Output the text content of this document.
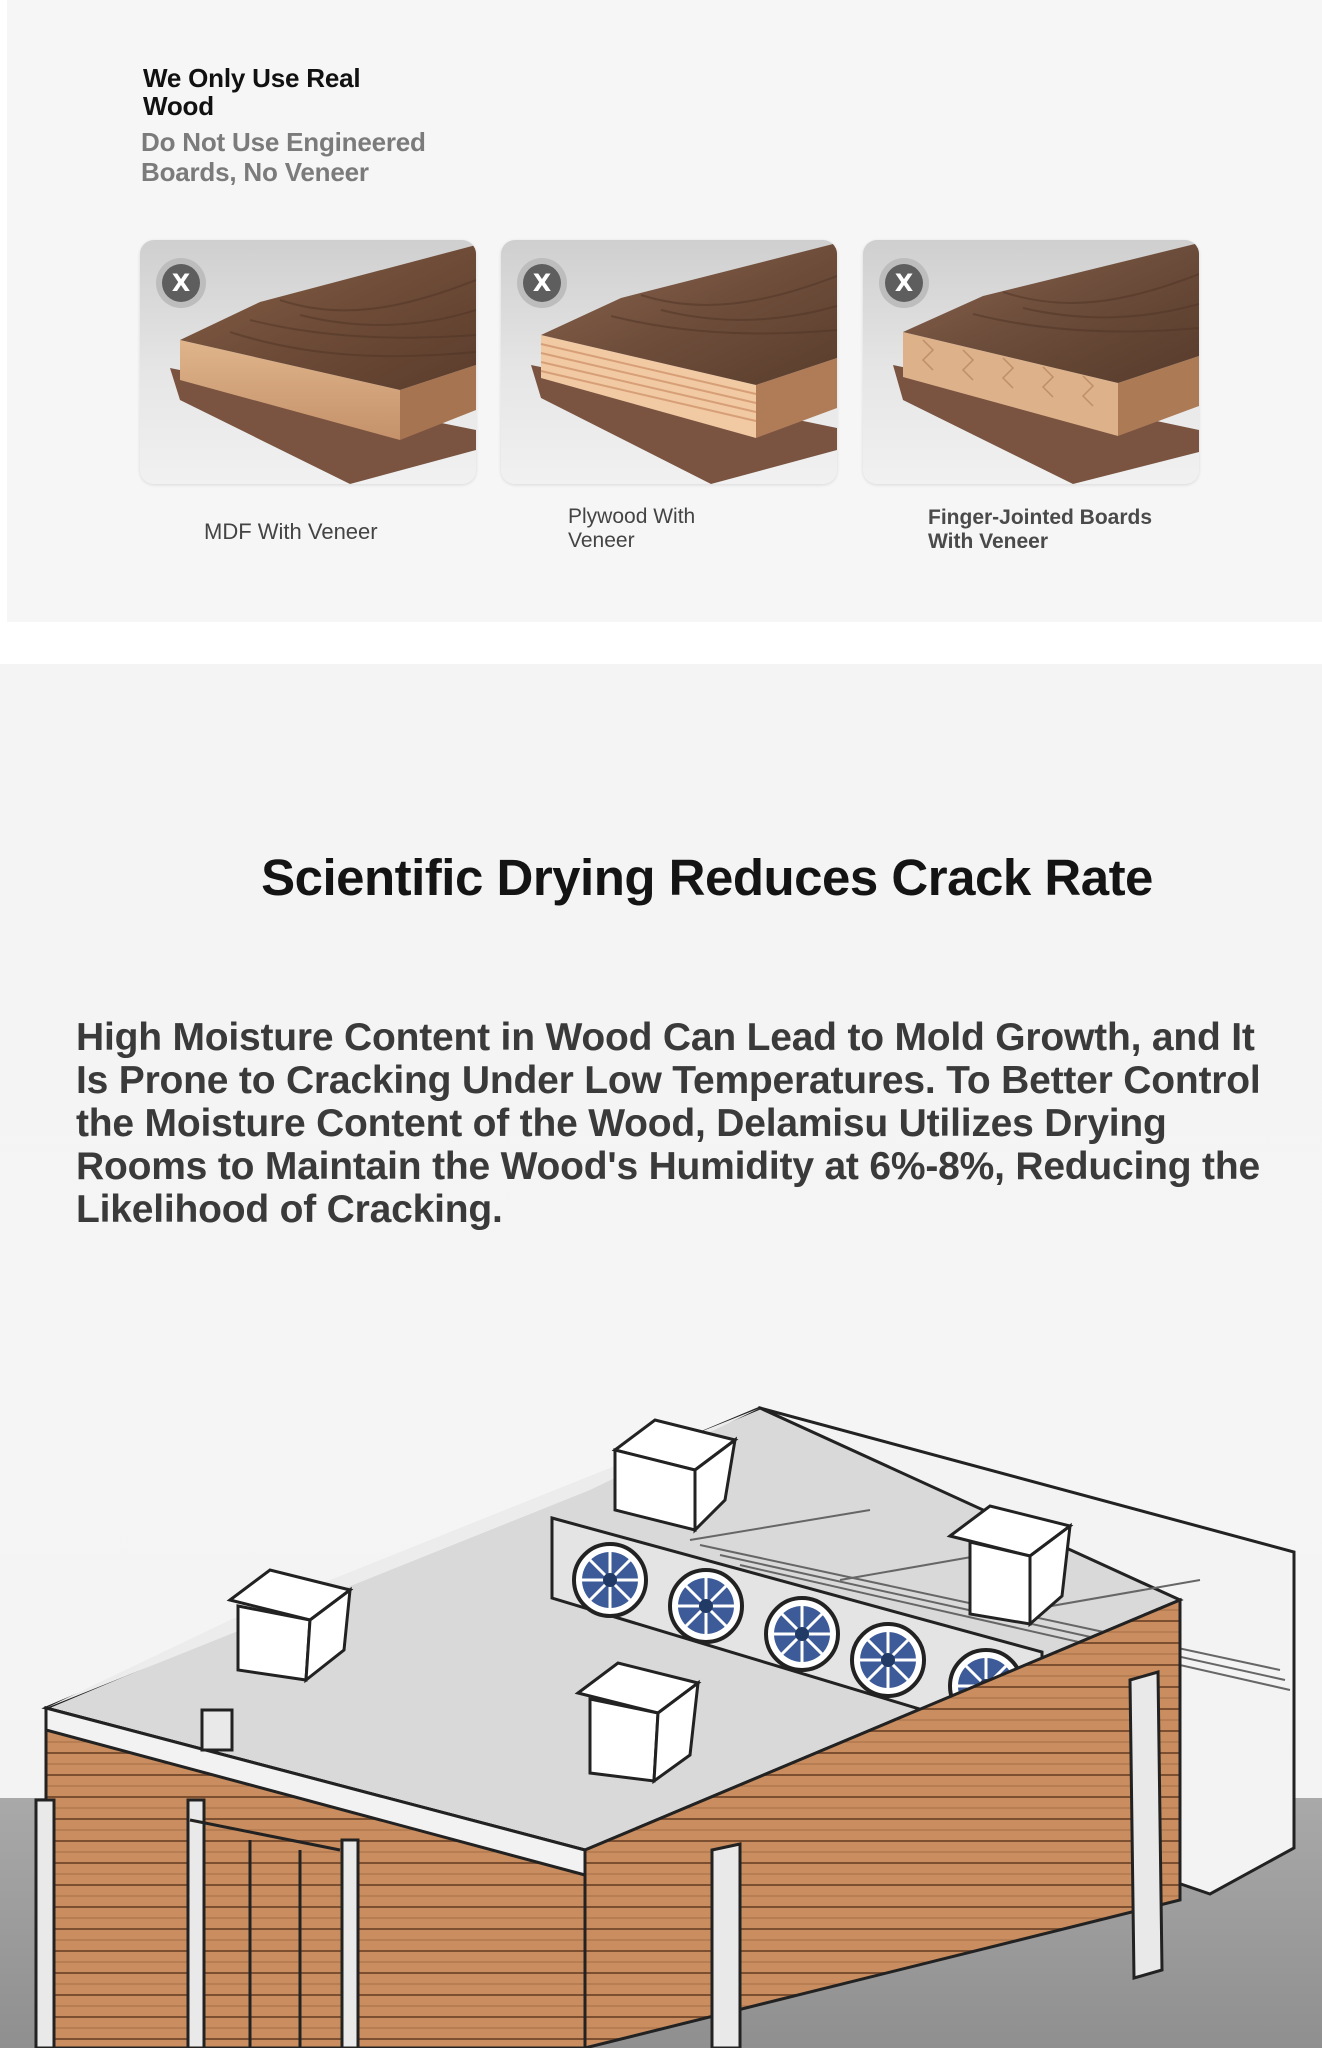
We Only Use Real Wood
Do Not Use Engineered Boards, No Veneer
X	X	X
MDF With Veneer
Plywood With Veneer
Finger-Jointed Boards With Veneer
Scientific Drying Reduces Crack Rate
High Moisture Content in Wood Can Lead to Mold Growth, and It Is Prone to Cracking Under Low Temperatures. To Better Control the Moisture Content of the Wood, Delamisu Utilizes Drying Rooms to Maintain the Wood's Humidity at 6%-8%, Reducing the Likelihood of Cracking.
